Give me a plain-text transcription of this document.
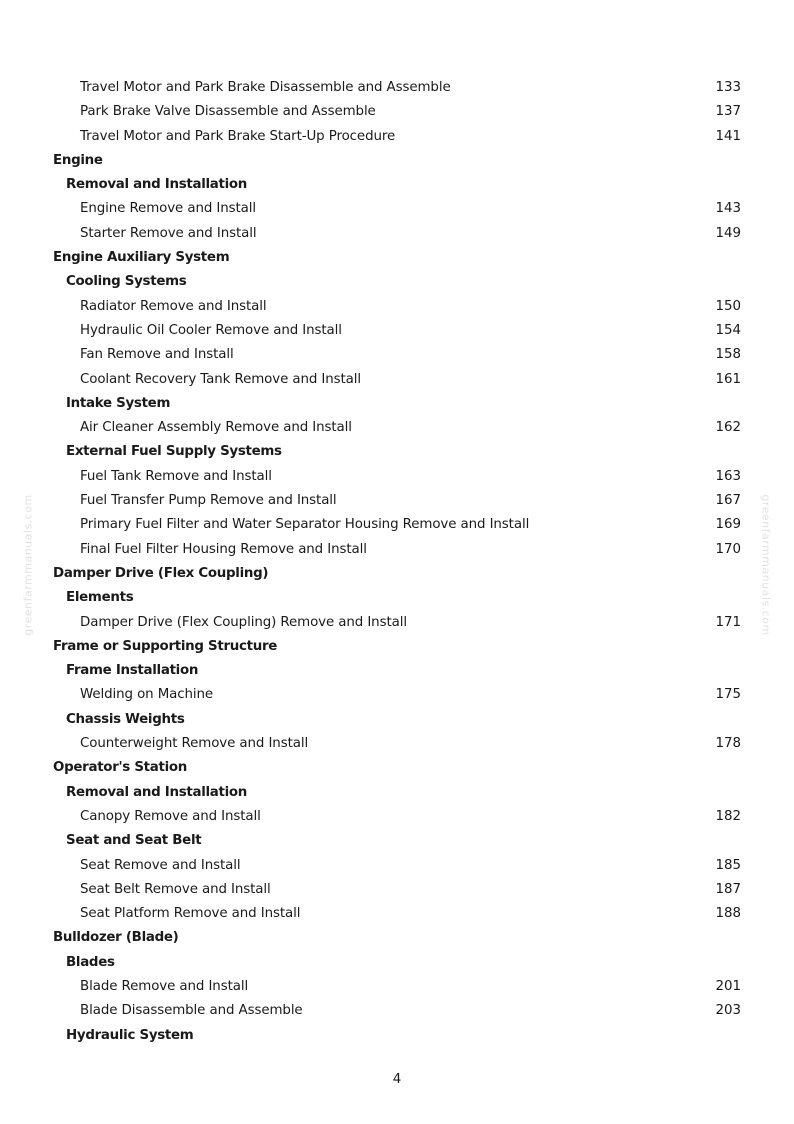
Travel Motor and Park Brake Disassemble and Assemble	133
Park Brake Valve Disassemble and Assemble	137
Travel Motor and Park Brake Start-Up Procedure	141
Engine
Removal and Installation
Engine Remove and Install	143
Starter Remove and Install	149
Engine Auxiliary System
Cooling Systems
Radiator Remove and Install	150
Hydraulic Oil Cooler Remove and Install	154
Fan Remove and Install	158
Coolant Recovery Tank Remove and Install	161
Intake System
Air Cleaner Assembly Remove and Install	162
External Fuel Supply Systems
Fuel Tank Remove and Install	163
Fuel Transfer Pump Remove and Install	167
Primary Fuel Filter and Water Separator Housing Remove and Install	169
Final Fuel Filter Housing Remove and Install	170
Damper Drive (Flex Coupling)
Elements
Damper Drive (Flex Coupling) Remove and Install	171
Frame or Supporting Structure
Frame Installation
Welding on Machine	175
Chassis Weights
Counterweight Remove and Install	178
Operator's Station
Removal and Installation
Canopy Remove and Install	182
Seat and Seat Belt
Seat Remove and Install	185
Seat Belt Remove and Install	187
Seat Platform Remove and Install	188
Bulldozer (Blade)
Blades
Blade Remove and Install	201
Blade Disassemble and Assemble	203
Hydraulic System
4
greenfarmmanuals.com	greenfarmmanuals.com
